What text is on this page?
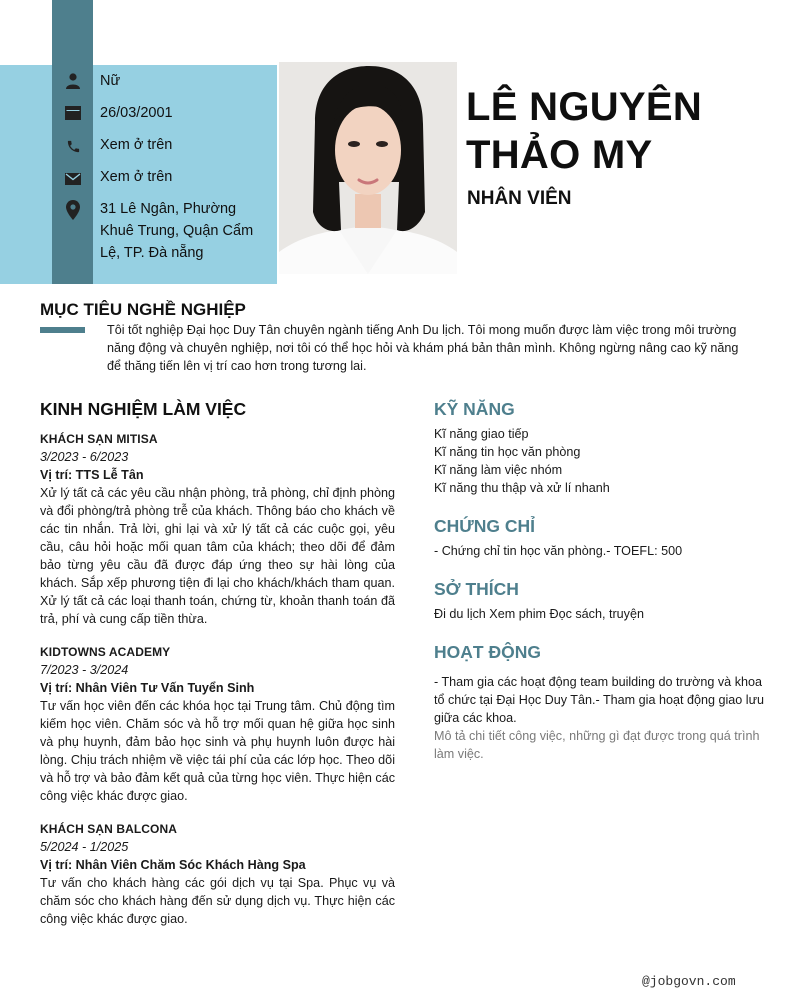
Nữ
26/03/2001
Xem ở trên
Xem ở trên
31 Lê Ngân, Phường Khuê Trung, Quận Cẩm Lệ, TP. Đà nẵng
LÊ NGUYÊN
THẢO MY
NHÂN VIÊN
MỤC TIÊU NGHỀ NGHIỆP
Tôi tốt nghiệp Đại học Duy Tân chuyên ngành tiếng Anh Du lịch. Tôi mong muốn được làm việc trong môi trường năng động và chuyên nghiệp, nơi tôi có thể học hỏi và khám phá bản thân mình. Không ngừng nâng cao kỹ năng để thăng tiến lên vị trí cao hơn trong tương lai.
KINH NGHIỆM LÀM VIỆC
KHÁCH SẠN MITISA
3/2023 - 6/2023
Vị trí: TTS Lễ Tân
Xử lý tất cả các yêu cầu nhận phòng, trả phòng, chỉ định phòng và đổi phòng/trả phòng trễ của khách. Thông báo cho khách về các tin nhắn. Trả lời, ghi lại và xử lý tất cả các cuộc gọi, yêu cầu, câu hỏi hoặc mối quan tâm của khách; theo dõi để đảm bảo từng yêu cầu đã được đáp ứng theo sự hài lòng của khách. Sắp xếp phương tiện đi lại cho khách/khách tham quan. Xử lý tất cả các loại thanh toán, chứng từ, khoản thanh toán đã trả, phí và cung cấp tiền thừa.
KIDTOWNS ACADEMY
7/2023 - 3/2024
Vị trí: Nhân Viên Tư Vấn Tuyển Sinh
Tư vấn học viên đến các khóa học tại Trung tâm. Chủ động tìm kiếm học viên. Chăm sóc và hỗ trợ mối quan hệ giữa học sinh và phụ huynh, đảm bảo học sinh và phụ huynh luôn được hài lòng. Chịu trách nhiệm về việc tái phí của các lớp học. Theo dõi và hỗ trợ và bảo đảm kết quả của từng học viên. Thực hiện các công việc khác được giao.
KHÁCH SẠN BALCONA
5/2024 - 1/2025
Vị trí: Nhân Viên Chăm Sóc Khách Hàng Spa
Tư vấn cho khách hàng các gói dịch vụ tại Spa. Phục vụ và chăm sóc cho khách hàng đến sử dụng dịch vụ. Thực hiện các công việc khác được giao.
KỸ NĂNG
Kĩ năng giao tiếp
Kĩ năng tin học văn phòng
Kĩ năng làm việc nhóm
Kĩ năng thu thập và xử lí nhanh
CHỨNG CHỈ
- Chứng chỉ tin học văn phòng.- TOEFL: 500
SỞ THÍCH
Đi du lịch Xem phim Đọc sách, truyện
HOẠT ĐỘNG
- Tham gia các hoạt động team building do trường và khoa tổ chức tại Đại Học Duy Tân.- Tham gia hoạt động giao lưu giữa các khoa.
Mô tả chi tiết công việc, những gì đạt được trong quá trình làm việc.
@jobgovn.com
